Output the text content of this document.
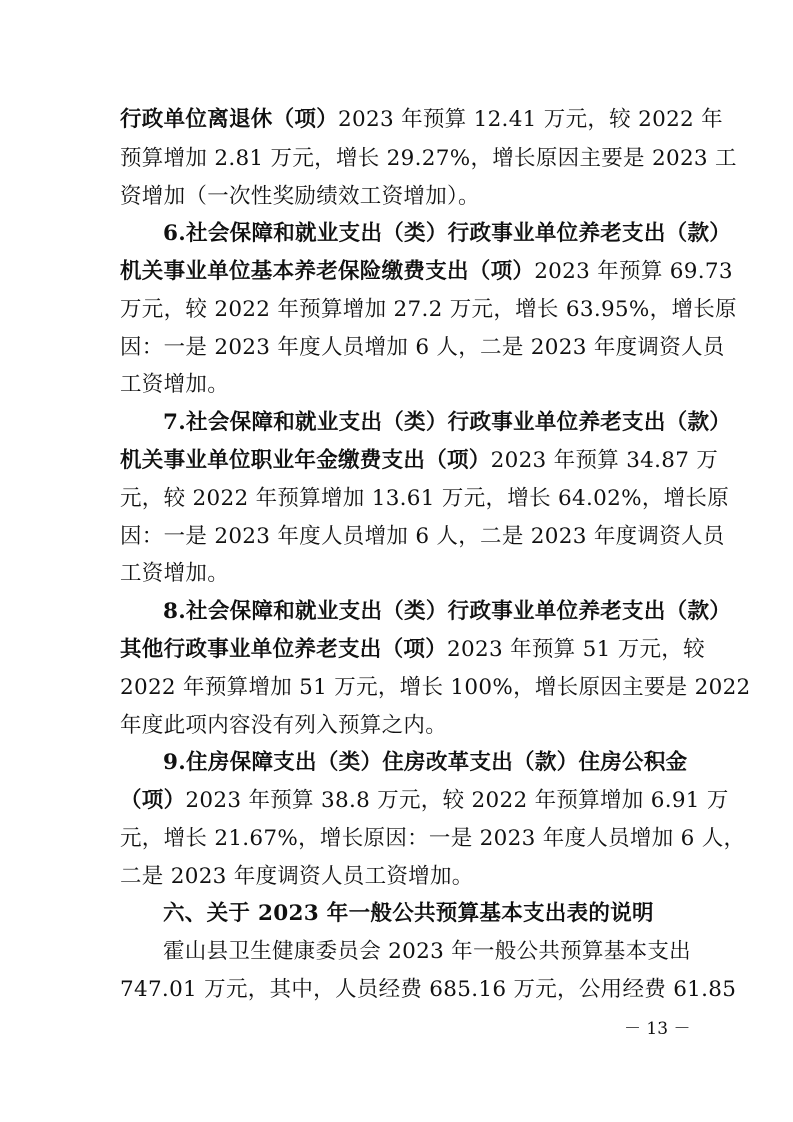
行政单位离退休（项）2023 年预算 12.41 万元，较 2022 年

预算增加 2.81 万元，增长 29.27%，增长原因主要是 2023 工

资增加（一次性奖励绩效工资增加）。

6.社会保障和就业支出（类）行政事业单位养老支出（款）

机关事业单位基本养老保险缴费支出（项）2023 年预算 69.73

万元，较 2022 年预算增加 27.2 万元，增长 63.95%，增长原

因：一是 2023 年度人员增加 6 人，二是 2023 年度调资人员

工资增加。

7.社会保障和就业支出（类）行政事业单位养老支出（款）

机关事业单位职业年金缴费支出（项）2023 年预算 34.87 万

元，较 2022 年预算增加 13.61 万元，增长 64.02%，增长原

因：一是 2023 年度人员增加 6 人，二是 2023 年度调资人员

工资增加。

8.社会保障和就业支出（类）行政事业单位养老支出（款）

其他行政事业单位养老支出（项）2023 年预算 51 万元，较

2022 年预算增加 51 万元，增长 100%，增长原因主要是 2022

年度此项内容没有列入预算之内。

9.住房保障支出（类）住房改革支出（款）住房公积金

（项）2023 年预算 38.8 万元，较 2022 年预算增加 6.91 万

元，增长 21.67%，增长原因：一是 2023 年度人员增加 6 人，

二是 2023 年度调资人员工资增加。

六、关于 2023 年一般公共预算基本支出表的说明

霍山县卫生健康委员会 2023 年一般公共预算基本支出

747.01 万元，其中，人员经费 685.16 万元，公用经费 61.85

－ 13 －
